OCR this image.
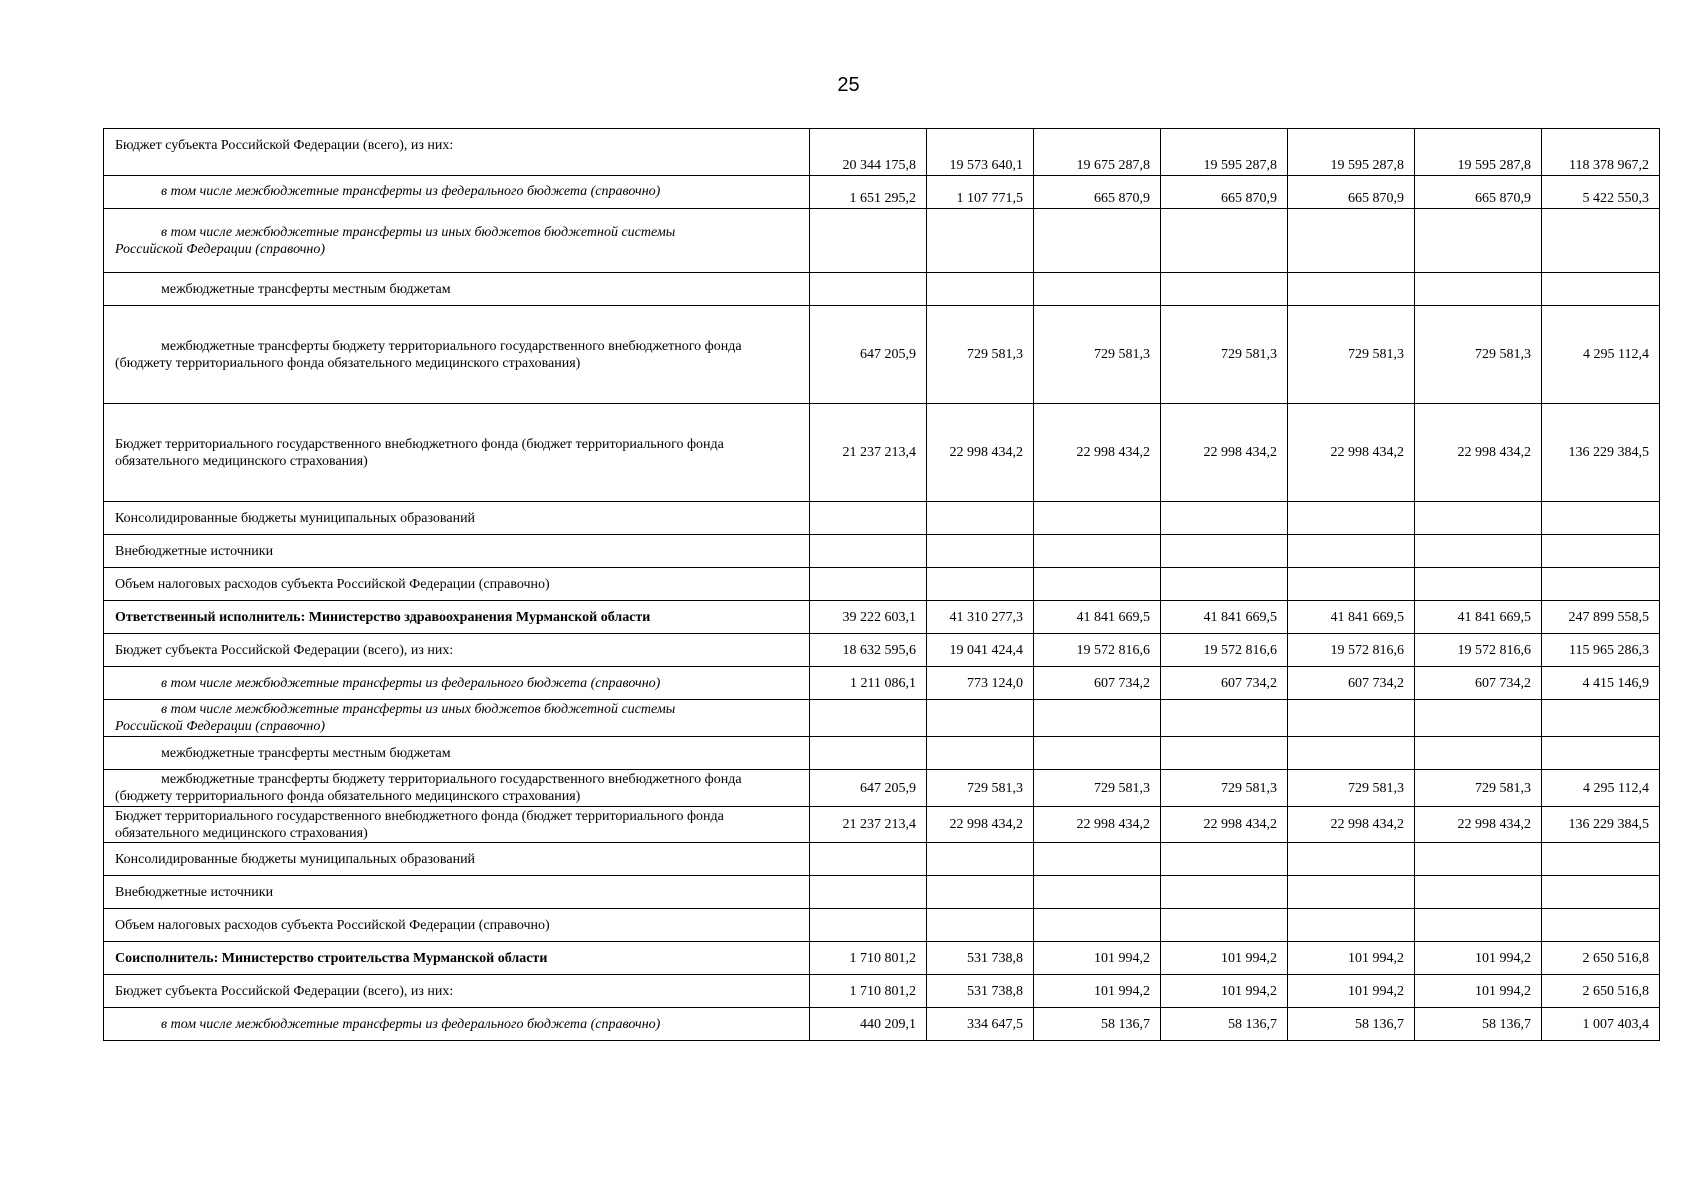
25
Бюджет субъекта Российской Федерации (всего), из них:	20 344 175,8	19 573 640,1	19 675 287,8	19 595 287,8	19 595 287,8	19 595 287,8	118 378 967,2
в том числе межбюджетные трансферты из федерального бюджета (справочно)	1 651 295,2	1 107 771,5	665 870,9	665 870,9	665 870,9	665 870,9	5 422 550,3

в том числе межбюджетные трансферты из иных бюджетов бюджетной системы
Российской Федерации (справочно)							
межбюджетные трансферты местным бюджетам							

межбюджетные трансферты бюджету территориального государственного внебюджетного фонда
(бюджету территориального фонда обязательного медицинского страхования)	647 205,9	729 581,3	729 581,3	729 581,3	729 581,3	729 581,3	4 295 112,4
Бюджет территориального государственного внебюджетного фонда (бюджет территориального фонда обязательного медицинского страхования)	21 237 213,4	22 998 434,2	22 998 434,2	22 998 434,2	22 998 434,2	22 998 434,2	136 229 384,5
Консолидированные бюджеты муниципальных образований							
Внебюджетные источники							
Объем налоговых расходов субъекта Российской Федерации (справочно)							
Ответственный исполнитель: Министерство здравоохранения Мурманской области	39 222 603,1	41 310 277,3	41 841 669,5	41 841 669,5	41 841 669,5	41 841 669,5	247 899 558,5
Бюджет субъекта Российской Федерации (всего), из них:	18 632 595,6	19 041 424,4	19 572 816,6	19 572 816,6	19 572 816,6	19 572 816,6	115 965 286,3
в том числе межбюджетные трансферты из федерального бюджета (справочно)	1 211 086,1	773 124,0	607 734,2	607 734,2	607 734,2	607 734,2	4 415 146,9

в том числе межбюджетные трансферты из иных бюджетов бюджетной системы
Российской Федерации (справочно)							
межбюджетные трансферты местным бюджетам							

межбюджетные трансферты бюджету территориального государственного внебюджетного фонда
(бюджету территориального фонда обязательного медицинского страхования)	647 205,9	729 581,3	729 581,3	729 581,3	729 581,3	729 581,3	4 295 112,4
Бюджет территориального государственного внебюджетного фонда (бюджет территориального фонда обязательного медицинского страхования)	21 237 213,4	22 998 434,2	22 998 434,2	22 998 434,2	22 998 434,2	22 998 434,2	136 229 384,5
Консолидированные бюджеты муниципальных образований							
Внебюджетные источники							
Объем налоговых расходов субъекта Российской Федерации (справочно)							
Соисполнитель: Министерство строительства Мурманской области	1 710 801,2	531 738,8	101 994,2	101 994,2	101 994,2	101 994,2	2 650 516,8
Бюджет субъекта Российской Федерации (всего), из них:	1 710 801,2	531 738,8	101 994,2	101 994,2	101 994,2	101 994,2	2 650 516,8
в том числе межбюджетные трансферты из федерального бюджета (справочно)	440 209,1	334 647,5	58 136,7	58 136,7	58 136,7	58 136,7	1 007 403,4
